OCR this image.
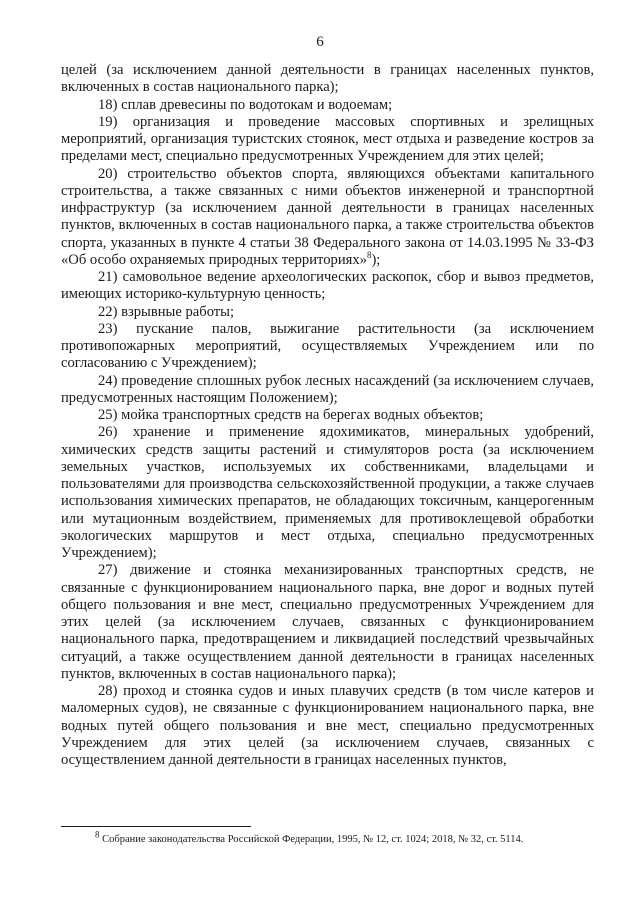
6

целей (за исключением данной деятельности в границах населенных пунктов, включенных в состав национального парка);

18) сплав древесины по водотокам и водоемам;

19) организация и проведение массовых спортивных и зрелищных мероприятий, организация туристских стоянок, мест отдыха и разведение костров за пределами мест, специально предусмотренных Учреждением для этих целей;

20) строительство объектов спорта, являющихся объектами капитального строительства, а также связанных с ними объектов инженерной и транспортной инфраструктур (за исключением данной деятельности в границах населенных пунктов, включенных в состав национального парка, а также строительства объектов спорта, указанных в пункте 4 статьи 38 Федерального закона от 14.03.1995 № 33-ФЗ «Об особо охраняемых природных территориях»$^8$);

21) самовольное ведение археологических раскопок, сбор и вывоз предметов, имеющих историко-культурную ценность;

22) взрывные работы;

23) пускание палов, выжигание растительности (за исключением противопожарных мероприятий, осуществляемых Учреждением или по согласованию с Учреждением);

24) проведение сплошных рубок лесных насаждений (за исключением случаев, предусмотренных настоящим Положением);

25) мойка транспортных средств на берегах водных объектов;

26) хранение и применение ядохимикатов, минеральных удобрений, химических средств защиты растений и стимуляторов роста (за исключением земельных участков, используемых их собственниками, владельцами и пользователями для производства сельскохозяйственной продукции, а также случаев использования химических препаратов, не обладающих токсичным, канцерогенным или мутационным воздействием, применяемых для противоклещевой обработки экологических маршрутов и мест отдыха, специально предусмотренных Учреждением);

27) движение и стоянка механизированных транспортных средств, не связанные с функционированием национального парка, вне дорог и водных путей общего пользования и вне мест, специально предусмотренных Учреждением для этих целей (за исключением случаев, связанных с функционированием национального парка, предотвращением и ликвидацией последствий чрезвычайных ситуаций, а также осуществлением данной деятельности в границах населенных пунктов, включенных в состав национального парка);

28) проход и стоянка судов и иных плавучих средств (в том числе катеров и маломерных судов), не связанные с функционированием национального парка, вне водных путей общего пользования и вне мест, специально предусмотренных Учреждением для этих целей (за исключением случаев, связанных с осуществлением данной деятельности в границах населенных пунктов,

$^8$ Собрание законодательства Российской Федерации, 1995, № 12, ст. 1024; 2018, № 32, ст. 5114.
